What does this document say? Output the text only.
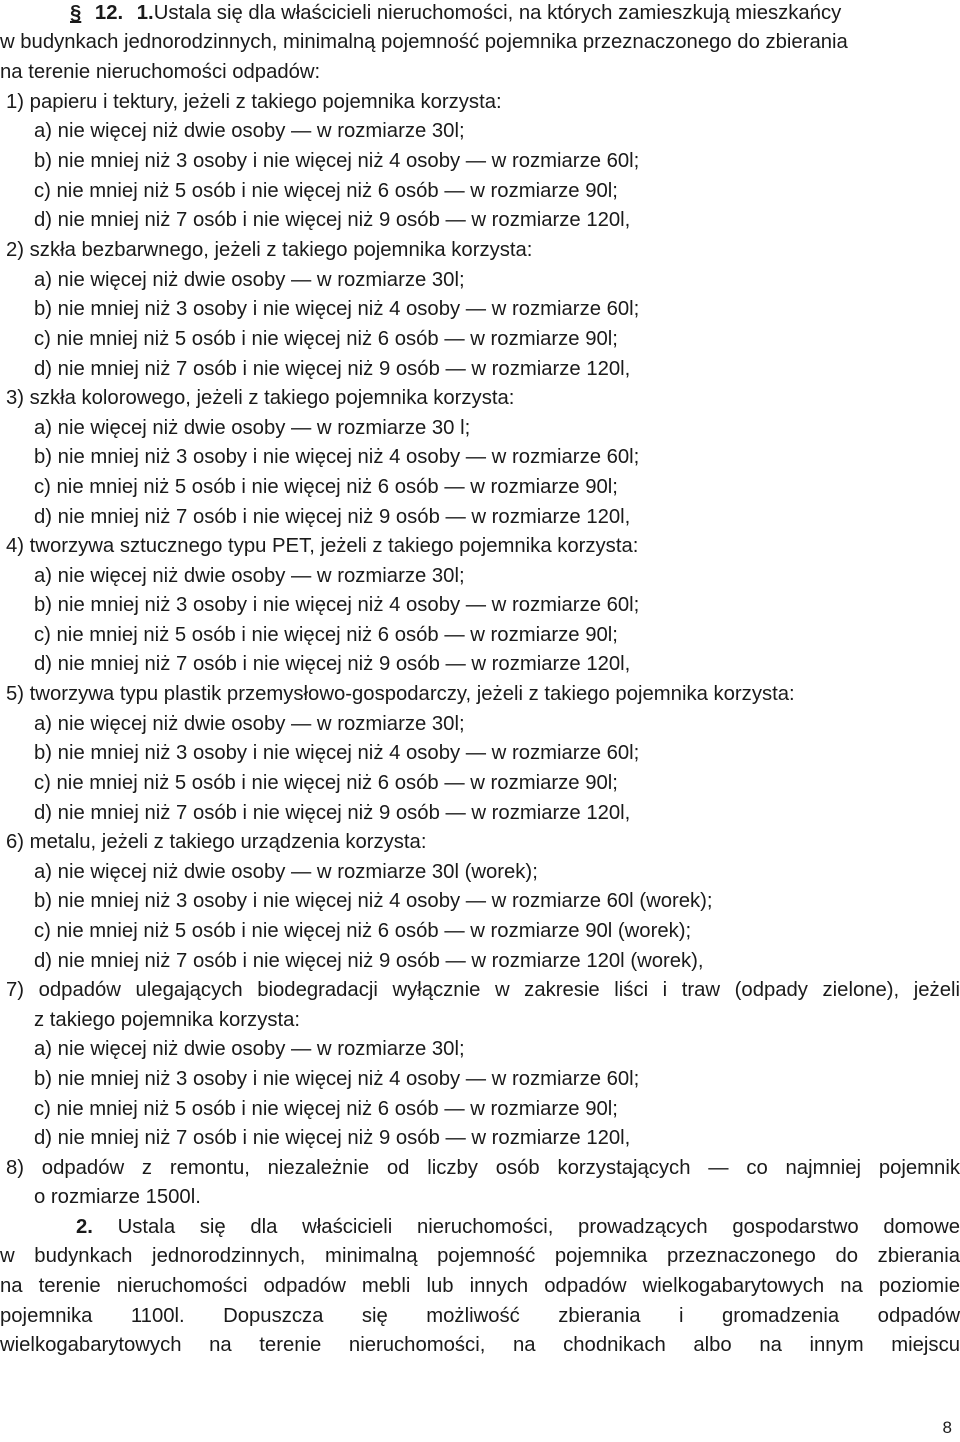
§ 12. 1.Ustala się dla właścicieli nieruchomości, na których zamieszkują mieszkańcy
w budynkach jednorodzinnych, minimalną pojemność pojemnika przeznaczonego do zbierania
na terenie nieruchomości odpadów:
1) papieru i tektury, jeżeli z takiego pojemnika korzysta:
a) nie więcej niż dwie osoby — w rozmiarze 30l;
b) nie mniej niż 3 osoby i nie więcej niż 4 osoby — w rozmiarze 60l;
c) nie mniej niż 5 osób i nie więcej niż 6 osób — w rozmiarze 90l;
d) nie mniej niż 7 osób i nie więcej niż 9 osób — w rozmiarze 120l,
2) szkła bezbarwnego, jeżeli z takiego pojemnika korzysta:
a) nie więcej niż dwie osoby — w rozmiarze 30l;
b) nie mniej niż 3 osoby i nie więcej niż 4 osoby — w rozmiarze 60l;
c) nie mniej niż 5 osób i nie więcej niż 6 osób — w rozmiarze 90l;
d) nie mniej niż 7 osób i nie więcej niż 9 osób — w rozmiarze 120l,
3) szkła kolorowego, jeżeli z takiego pojemnika korzysta:
a) nie więcej niż dwie osoby — w rozmiarze 30 l;
b) nie mniej niż 3 osoby i nie więcej niż 4 osoby — w rozmiarze 60l;
c) nie mniej niż 5 osób i nie więcej niż 6 osób — w rozmiarze 90l;
d) nie mniej niż 7 osób i nie więcej niż 9 osób — w rozmiarze 120l,
4) tworzywa sztucznego typu PET, jeżeli z takiego pojemnika korzysta:
a) nie więcej niż dwie osoby — w rozmiarze 30l;
b) nie mniej niż 3 osoby i nie więcej niż 4 osoby — w rozmiarze 60l;
c) nie mniej niż 5 osób i nie więcej niż 6 osób — w rozmiarze 90l;
d) nie mniej niż 7 osób i nie więcej niż 9 osób — w rozmiarze 120l,
5) tworzywa typu plastik przemysłowo-gospodarczy, jeżeli z takiego pojemnika korzysta:
a) nie więcej niż dwie osoby — w rozmiarze 30l;
b) nie mniej niż 3 osoby i nie więcej niż 4 osoby — w rozmiarze 60l;
c) nie mniej niż 5 osób i nie więcej niż 6 osób — w rozmiarze 90l;
d) nie mniej niż 7 osób i nie więcej niż 9 osób — w rozmiarze 120l,
6) metalu, jeżeli z takiego urządzenia korzysta:
a) nie więcej niż dwie osoby — w rozmiarze 30l (worek);
b) nie mniej niż 3 osoby i nie więcej niż 4 osoby — w rozmiarze 60l (worek);
c) nie mniej niż 5 osób i nie więcej niż 6 osób — w rozmiarze 90l (worek);
d) nie mniej niż 7 osób i nie więcej niż 9 osób — w rozmiarze 120l (worek),
7) odpadów ulegających biodegradacji wyłącznie w zakresie liści i traw (odpady zielone), jeżeli
z takiego pojemnika korzysta:
a) nie więcej niż dwie osoby — w rozmiarze 30l;
b) nie mniej niż 3 osoby i nie więcej niż 4 osoby — w rozmiarze 60l;
c) nie mniej niż 5 osób i nie więcej niż 6 osób — w rozmiarze 90l;
d) nie mniej niż 7 osób i nie więcej niż 9 osób — w rozmiarze 120l,
8) odpadów z remontu, niezależnie od liczby osób korzystających — co najmniej pojemnik
o rozmiarze 1500l.
2. Ustala się dla właścicieli nieruchomości, prowadzących gospodarstwo domowe
w budynkach jednorodzinnych, minimalną pojemność pojemnika przeznaczonego do zbierania
na terenie nieruchomości odpadów mebli lub innych odpadów wielkogabarytowych na poziomie
pojemnika 1100l. Dopuszcza się możliwość zbierania i gromadzenia odpadów
wielkogabarytowych na terenie nieruchomości, na chodnikach albo na innym miejscu
8
